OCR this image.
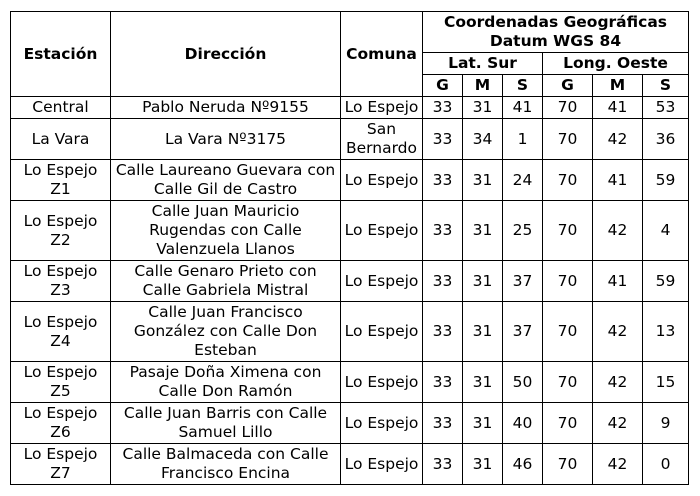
Estación	Dirección	Comuna	Coordenadas Geográficas Datum WGS 84					
			Lat. Sur			Long. Oeste		
			G	M	S	G	M	S
Central	Pablo Neruda Nº9155	Lo Espejo	33	31	41	70	41	53
La Vara	La Vara Nº3175	San Bernardo	33	34	1	70	42	36
Lo Espejo Z1	Calle Laureano Guevara con Calle Gil de Castro	Lo Espejo	33	31	24	70	41	59
Lo Espejo Z2	Calle Juan Mauricio Rugendas con Calle Valenzuela Llanos	Lo Espejo	33	31	25	70	42	4
Lo Espejo Z3	Calle Genaro Prieto con Calle Gabriela Mistral	Lo Espejo	33	31	37	70	41	59
Lo Espejo Z4	Calle Juan Francisco González con Calle Don Esteban	Lo Espejo	33	31	37	70	42	13
Lo Espejo Z5	Pasaje Doña Ximena con Calle Don Ramón	Lo Espejo	33	31	50	70	42	15
Lo Espejo Z6	Calle Juan Barris con Calle Samuel Lillo	Lo Espejo	33	31	40	70	42	9
Lo Espejo Z7	Calle Balmaceda con Calle Francisco Encina	Lo Espejo	33	31	46	70	42	0
